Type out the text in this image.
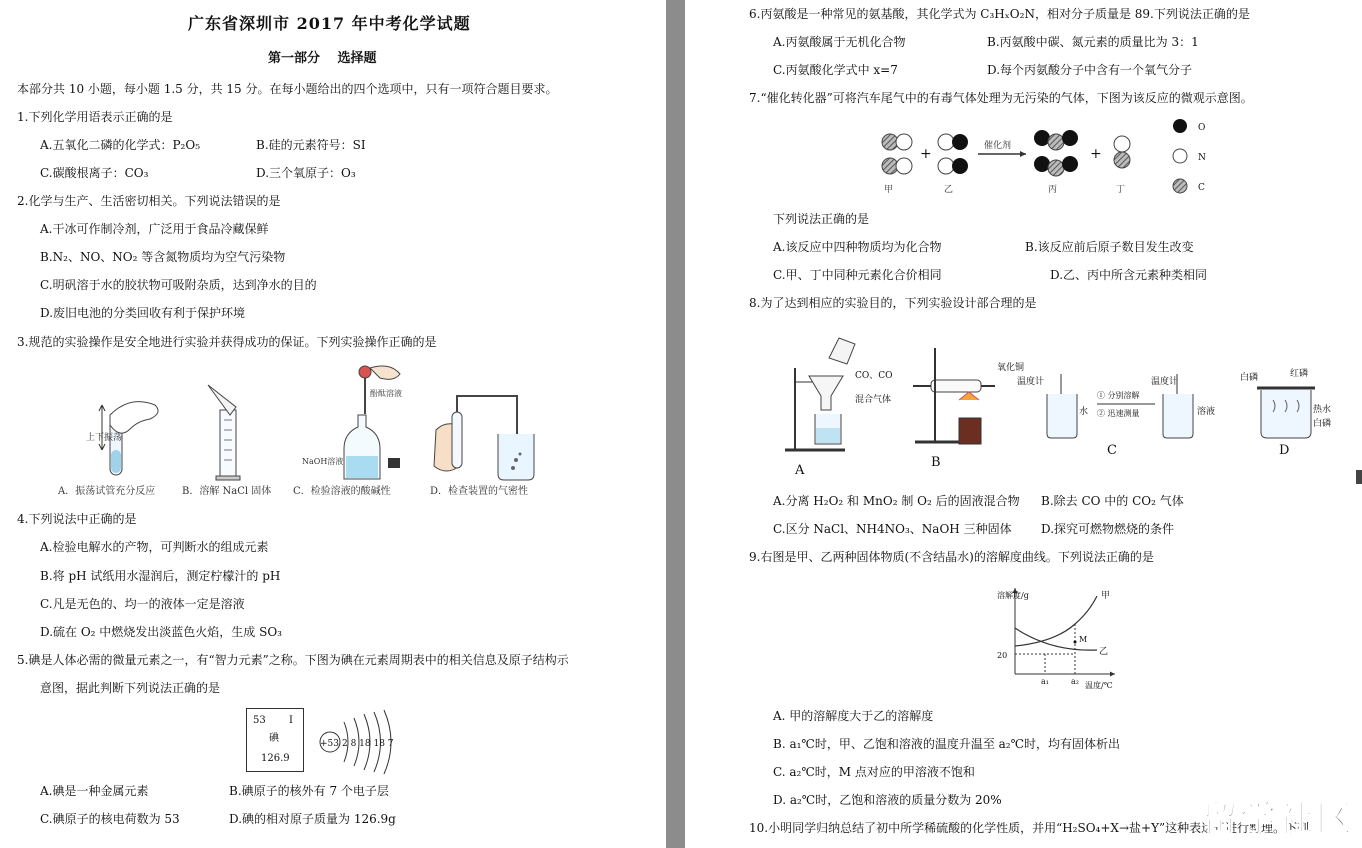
广东省深圳市 2017 年中考化学试题
第一部分　 选择题
本部分共 10 小题，每小题 1.5 分，共 15 分。在每小题给出的四个选项中，只有一项符合题目要求。
1.下列化学用语表示正确的是
A.五氧化二磷的化学式：P₂O₅	B.硅的元素符号：SI
C.碳酸根离子：CO₃	D.三个氧原子：O₃
2.化学与生产、生活密切相关。下列说法错误的是
A.干冰可作制冷剂，广泛用于食品冷藏保鲜
B.N₂、NO、NO₂ 等含氮物质均为空气污染物
C.明矾溶于水的胶状物可吸附杂质，达到净水的目的
D.废旧电池的分类回收有利于保护环境
3.规范的实验操作是安全地进行实验并获得成功的保证。下列实验操作正确的是
上下振荡
酚酞溶液
NaOH溶液
A．振荡试管充分反应	B．溶解 NaCl 固体 C．检验溶液的酸碱性	D．检查装置的气密性
4.下列说法中正确的是
A.检验电解水的产物，可判断水的组成元素
B.将 pH 试纸用水湿润后，测定柠檬汁的 pH
C.凡是无色的、均一的液体一定是溶液
D.硫在 O₂ 中燃烧发出淡蓝色火焰，生成 SO₃
5.碘是人体必需的微量元素之一，有“智力元素”之称。下图为碘在元素周期表中的相关信息及原子结构示
意图，据此判断下列说法正确的是
53 I
碘
126.9
+53 2 8 18 18 7
A.碘是一种金属元素	B.碘原子的核外有 7 个电子层
C.碘原子的核电荷数为 53	D.碘的相对原子质量为 126.9g
6.丙氨酸是一种常见的氨基酸，其化学式为 C₃HₓO₂N，相对分子质量是 89.下列说法正确的是
A.丙氨酸属于无机化合物	B.丙氨酸中碳、氮元素的质量比为 3：1
C.丙氨酸化学式中 x=7	D.每个丙氨酸分子中含有一个氧气分子
7.“催化转化器”可将汽车尾气中的有毒气体处理为无污染的气体，下图为该反应的微观示意图。
+	催化剂	+
甲	乙	丙	丁
O
N
C
下列说法正确的是
A.该反应中四种物质均为化合物	B.该反应前后原子数目发生改变
C.甲、丁中同种元素化合价相同	D.乙、丙中所含元素种类相同
8.为了达到相应的实验目的，下列实验设计部合理的是
A
CO、CO
混合气体
氧化铜
B
温度计
水
① 分别溶解
② 迅速测量
温度计
溶液
C
白磷	红磷
热水
白磷
D
A.分离 H₂O₂ 和 MnO₂ 制 O₂ 后的固液混合物 B.除去 CO 中的 CO₂ 气体
C.区分 NaCl、NH4NO₃、NaOH 三种固体 D.探究可燃物燃烧的条件
9.右图是甲、乙两种固体物质(不含结晶水)的溶解度曲线。下列说法正确的是
溶解度/g
20
a₁	a₂ 温度/℃
甲
乙
M
A. 甲的溶解度大于乙的溶解度
B. a₁℃时，甲、乙饱和溶液的温度升温至 a₂℃时，均有固体析出
C. a₂℃时，M 点对应的甲溶液不饱和
D. a₂℃时，乙饱和溶液的质量分数为 20%
10.小明同学归纳总结了初中所学稀硫酸的化学性质，并用“H₂SO₄+X→盐+Y”这种表达式进行整理。下列
留学社区
